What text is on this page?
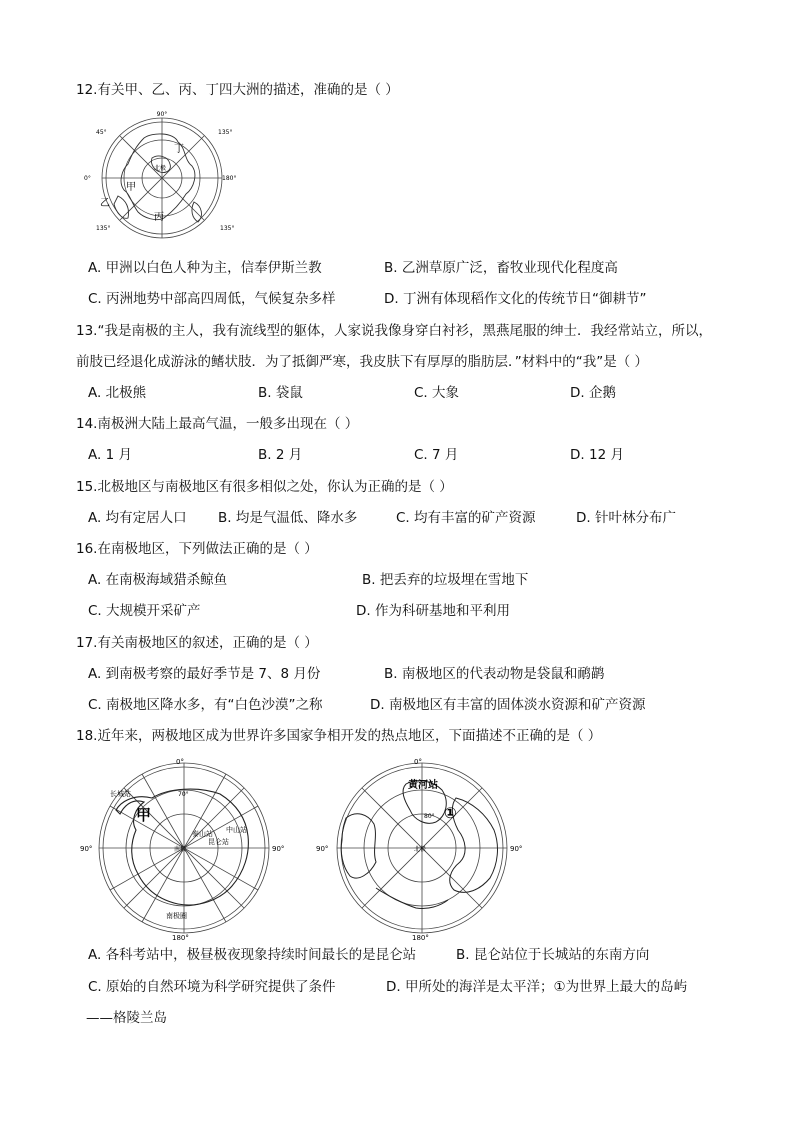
12.有关甲、乙、丙、丁四大洲的描述，准确的是（ ）
90°
45°	135°
0°	180°
135°	135°
丁
北极
甲
乙
丙
A. 甲洲以白色人种为主，信奉伊斯兰教	B. 乙洲草原广泛，畜牧业现代化程度高
C. 丙洲地势中部高四周低，气候复杂多样	D. 丁洲有体现稻作文化的传统节日“御耕节”
13.“我是南极的主人，我有流线型的躯体，人家说我像身穿白衬衫，黑燕尾服的绅士．我经常站立，所以，
前肢已经退化成游泳的鳍状肢．为了抵御严寒，我皮肤下有厚厚的脂肪层．”材料中的“我”是（ ）
A. 北极熊	B. 袋鼠	C. 大象	D. 企鹅
14.南极洲大陆上最高气温，一般多出现在（ ）
A. 1 月	B. 2 月	C. 7 月	D. 12 月
15.北极地区与南极地区有很多相似之处，你认为正确的是（ ）
A. 均有定居人口 B. 均是气温低、降水多	C. 均有丰富的矿产资源	D. 针叶林分布广
16.在南极地区，下列做法正确的是（ ）
A. 在南极海域猎杀鲸鱼	B. 把丢弃的垃圾埋在雪地下
C. 大规模开采矿产	D. 作为科研基地和平利用
17.有关南极地区的叙述，正确的是（ ）
A. 到南极考察的最好季节是 7、8 月份	B. 南极地区的代表动物是袋鼠和鸸鹋
C. 南极地区降水多，有“白色沙漠”之称	D. 南极地区有丰富的固体淡水资源和矿产资源
18.近年来，两极地区成为世界许多国家争相开发的热点地区，下面描述不正确的是（ ）
0°
90°	90°
180°
长城站
甲
70°
中山站
泰山站
昆仑站
南极
南极圈
0°
90°	90°
180°
黄河站
①
80°
北极
A. 各科考站中，极昼极夜现象持续时间最长的是昆仑站	B. 昆仑站位于长城站的东南方向
C. 原始的自然环境为科学研究提供了条件	D. 甲所处的海洋是太平洋；①为世界上最大的岛屿
——格陵兰岛
